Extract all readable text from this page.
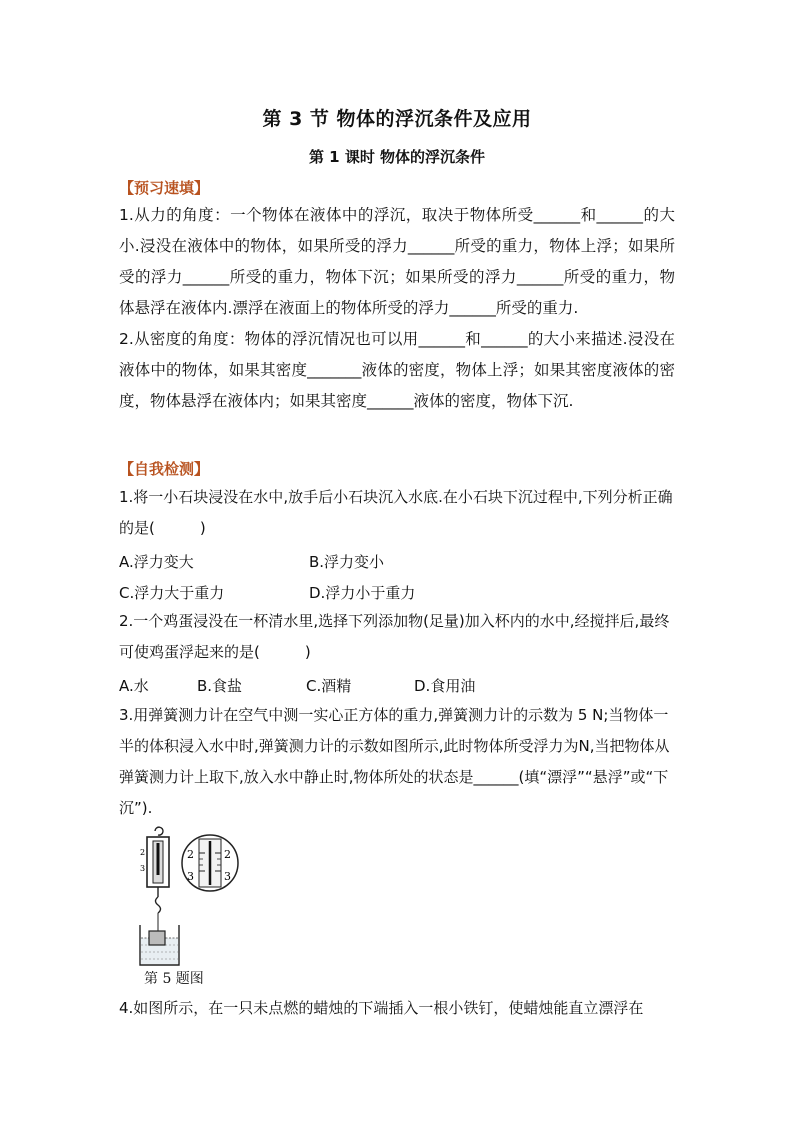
第 3 节 物体的浮沉条件及应用
第 1 课时 物体的浮沉条件
【预习速填】
1.从力的角度：一个物体在液体中的浮沉，取决于物体所受______和______的大小.浸没在液体中的物体，如果所受的浮力______所受的重力，物体上浮；如果所受的浮力______所受的重力，物体下沉；如果所受的浮力______所受的重力，物体悬浮在液体内.漂浮在液面上的物体所受的浮力______所受的重力.
2.从密度的角度：物体的浮沉情况也可以用______和______的大小来描述.浸没在液体中的物体，如果其密度_______液体的密度，物体上浮；如果其密度液体的密度，物体悬浮在液体内；如果其密度______液体的密度，物体下沉.
【自我检测】
1.将一小石块浸没在水中,放手后小石块沉入水底.在小石块下沉过程中,下列分析正确的是(　　　)
A.浮力变大	B.浮力变小
C.浮力大于重力	D.浮力小于重力
2.一个鸡蛋浸没在一杯清水里,选择下列添加物(足量)加入杯内的水中,经搅拌后,最终可使鸡蛋浮起来的是(　　　)
A.水	B.食盐	C.酒精	D.食用油
3.用弹簧测力计在空气中测一实心正方体的重力,弹簧测力计的示数为 5 N;当物体一半的体积浸入水中时,弹簧测力计的示数如图所示,此时物体所受浮力为N,当把物体从弹簧测力计上取下,放入水中静止时,物体所处的状态是______(填“漂浮”“悬浮”或“下沉”).
2
3
2
3
2
3
第 5 题图
4.如图所示，在一只未点燃的蜡烛的下端插入一根小铁钉，使蜡烛能直立漂浮在
